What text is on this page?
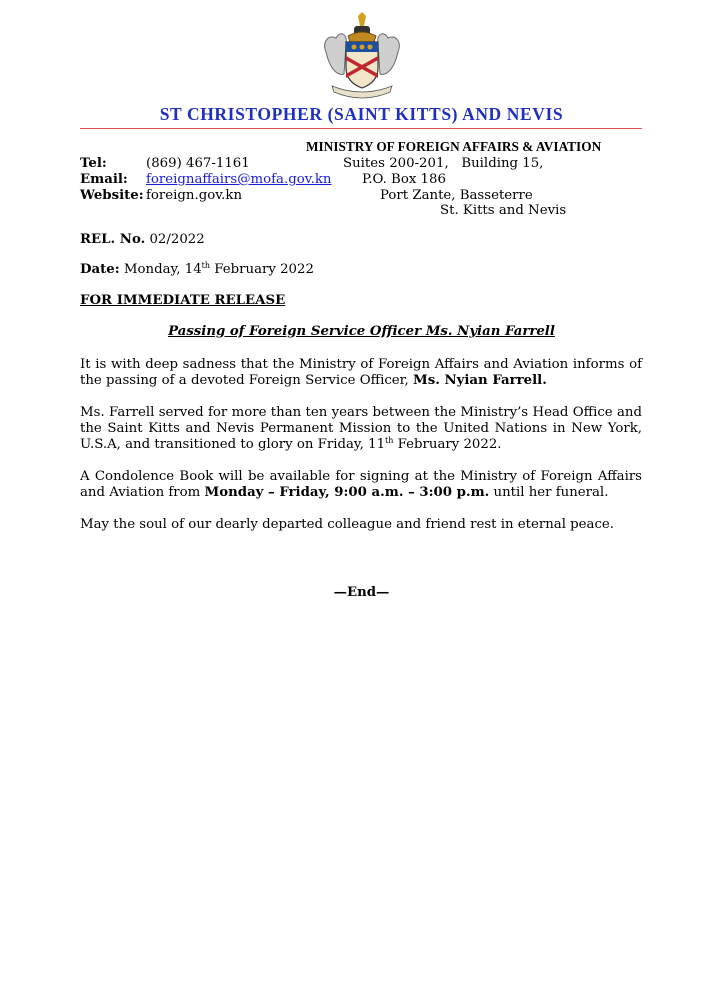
ST CHRISTOPHER (SAINT KITTS) AND NEVIS
MINISTRY OF FOREIGN AFFAIRS & AVIATION
Tel:	(869) 467-1161
Email: foreignaffairs@mofa.gov.kn
Website: foreign.gov.kn
Suites 200-201,   Building 15,
P.O. Box 186
Port Zante, Basseterre
St. Kitts and Nevis
REL. No. 02/2022
Date: Monday, 14th February 2022
FOR IMMEDIATE RELEASE
Passing of Foreign Service Officer Ms. Nyian Farrell
It is with deep sadness that the Ministry of Foreign Affairs and Aviation informs of the passing of a devoted Foreign Service Officer, Ms. Nyian Farrell.
Ms. Farrell served for more than ten years between the Ministry’s Head Office and the Saint Kitts and Nevis Permanent Mission to the United Nations in New York, U.S.A, and transitioned to glory on Friday, 11th February 2022.
A Condolence Book will be available for signing at the Ministry of Foreign Affairs and Aviation from Monday – Friday, 9:00 a.m. – 3:00 p.m. until her funeral.
May the soul of our dearly departed colleague and friend rest in eternal peace.
—End—
